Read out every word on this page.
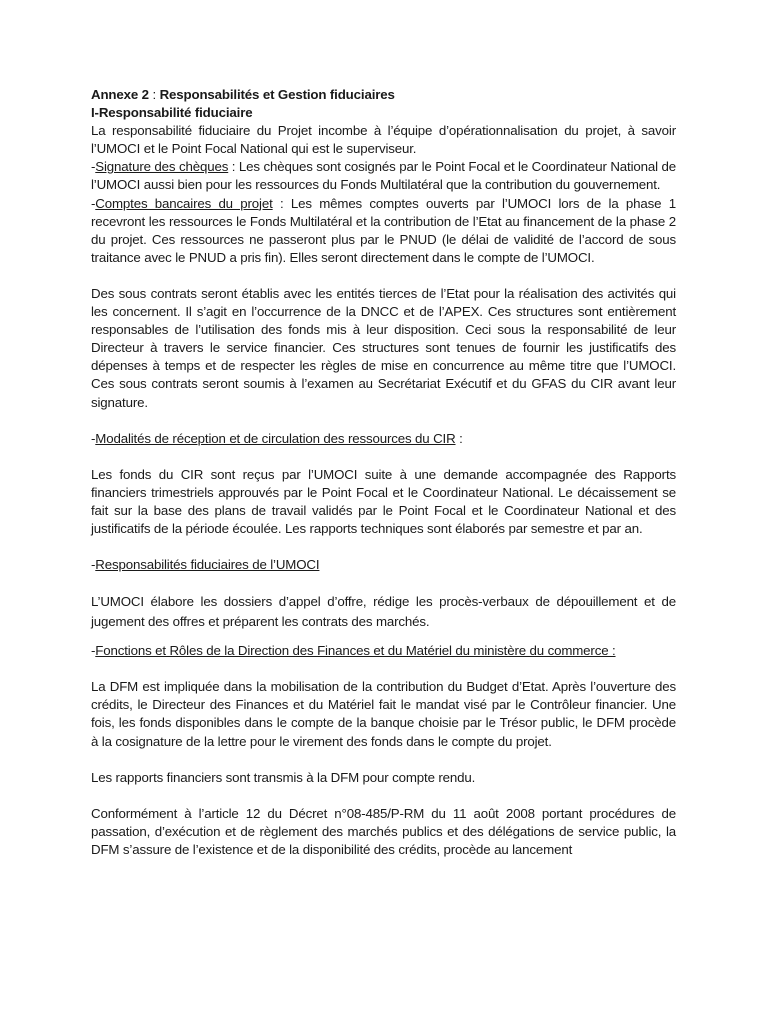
Annexe 2 : Responsabilités et Gestion fiduciaires

I-Responsabilité fiduciaire

La responsabilité fiduciaire du Projet incombe à l’équipe d’opérationnalisation du projet, à savoir l’UMOCI et le Point Focal National qui est le superviseur.

-Signature des chèques : Les chèques sont cosignés par le Point Focal et le Coordinateur National de l’UMOCI aussi bien pour les ressources du Fonds Multilatéral que la contribution du gouvernement.

-Comptes bancaires du projet : Les mêmes comptes ouverts par l’UMOCI lors de la phase 1 recevront les ressources le Fonds Multilatéral et la contribution de l’Etat au financement de la phase 2 du projet. Ces ressources ne passeront plus par le PNUD (le délai de validité de l’accord de sous traitance avec le PNUD a pris fin). Elles seront directement dans le compte de l’UMOCI.

Des sous contrats seront établis avec les entités tierces de l’Etat pour la réalisation des activités qui les concernent. Il s’agit en l’occurrence de la DNCC et de l’APEX. Ces structures sont entièrement responsables de l’utilisation des fonds mis à leur disposition. Ceci sous la responsabilité de leur Directeur à travers le service financier. Ces structures sont tenues de fournir les justificatifs des dépenses à temps et de respecter les règles de mise en concurrence au même titre que l’UMOCI. Ces sous contrats seront soumis à l’examen au Secrétariat Exécutif et du GFAS du CIR avant leur signature.

-Modalités de réception et de circulation des ressources du CIR :

Les fonds du CIR sont reçus par l’UMOCI suite à une demande accompagnée des Rapports financiers trimestriels approuvés par le Point Focal et le Coordinateur National. Le décaissement se fait sur la base des plans de travail validés par le Point Focal et le Coordinateur National et des justificatifs de la période écoulée. Les rapports techniques sont élaborés par semestre et par an.

-Responsabilités fiduciaires de l’UMOCI

L’UMOCI élabore les dossiers d’appel d’offre, rédige les procès-verbaux de dépouillement et de jugement des offres et préparent les contrats des marchés.

-Fonctions et Rôles de la Direction des Finances et du Matériel du ministère du commerce :

La DFM est impliquée dans la mobilisation de la contribution du Budget d’Etat. Après l’ouverture des crédits, le Directeur des Finances et du Matériel fait le mandat visé par le Contrôleur financier. Une fois, les fonds disponibles dans le compte de la banque choisie par le Trésor public, le DFM procède à la cosignature de la lettre pour le virement des fonds dans le compte du projet.

Les rapports financiers sont transmis à la DFM pour compte rendu.

Conformément à l’article 12 du Décret n°08-485/P-RM du 11 août 2008 portant procédures de passation, d’exécution et de règlement des marchés publics et des délégations de service public, la DFM s’assure de l’existence et de la disponibilité des crédits, procède au lancement
